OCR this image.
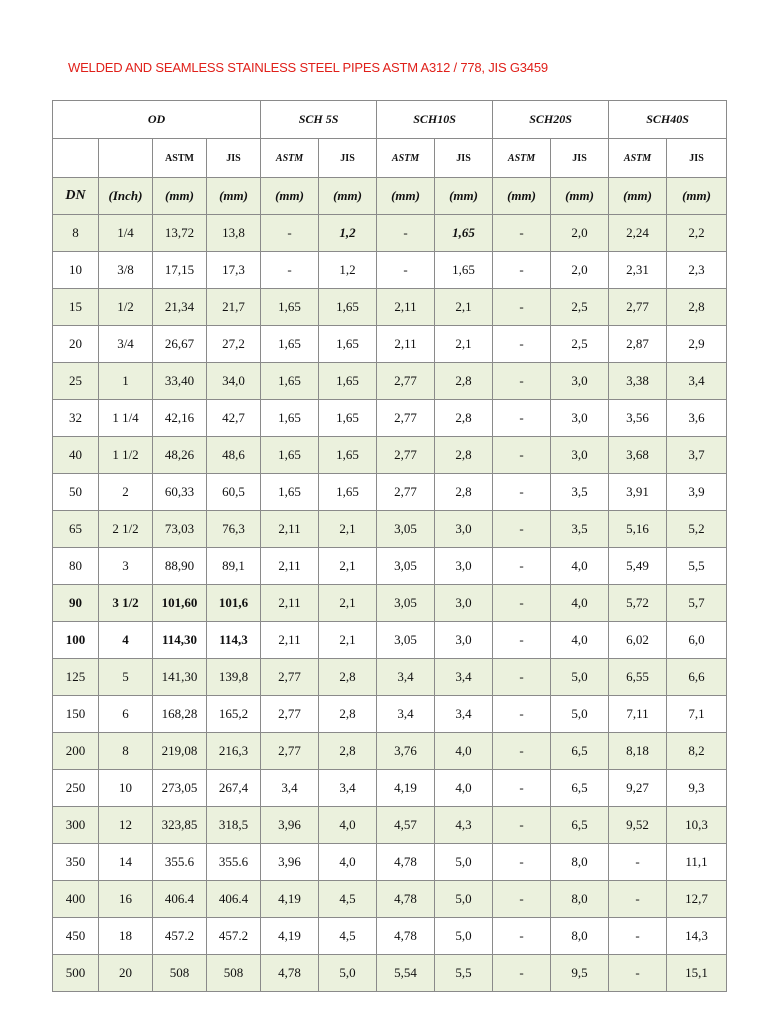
WELDED AND SEAMLESS STAINLESS STEEL PIPES ASTM A312 / 778, JIS G3459
OD				SCH 5S		SCH10S		SCH20S		SCH40S	
		ASTM	JIS	ASTM	JIS	ASTM	JIS	ASTM	JIS	ASTM	JIS
DN	(Inch)	(mm)	(mm)	(mm)	(mm)	(mm)	(mm)	(mm)	(mm)	(mm)	(mm)
8	1/4	13,72	13,8	-	1,2	-	1,65	-	2,0	2,24	2,2
10	3/8	17,15	17,3	-	1,2	-	1,65	-	2,0	2,31	2,3
15	1/2	21,34	21,7	1,65	1,65	2,11	2,1	-	2,5	2,77	2,8
20	3/4	26,67	27,2	1,65	1,65	2,11	2,1	-	2,5	2,87	2,9
25	1	33,40	34,0	1,65	1,65	2,77	2,8	-	3,0	3,38	3,4
32	1 1/4	42,16	42,7	1,65	1,65	2,77	2,8	-	3,0	3,56	3,6
40	1 1/2	48,26	48,6	1,65	1,65	2,77	2,8	-	3,0	3,68	3,7
50	2	60,33	60,5	1,65	1,65	2,77	2,8	-	3,5	3,91	3,9
65	2 1/2	73,03	76,3	2,11	2,1	3,05	3,0	-	3,5	5,16	5,2
80	3	88,90	89,1	2,11	2,1	3,05	3,0	-	4,0	5,49	5,5
90	3 1/2	101,60	101,6	2,11	2,1	3,05	3,0	-	4,0	5,72	5,7
100	4	114,30	114,3	2,11	2,1	3,05	3,0	-	4,0	6,02	6,0
125	5	141,30	139,8	2,77	2,8	3,4	3,4	-	5,0	6,55	6,6
150	6	168,28	165,2	2,77	2,8	3,4	3,4	-	5,0	7,11	7,1
200	8	219,08	216,3	2,77	2,8	3,76	4,0	-	6,5	8,18	8,2
250	10	273,05	267,4	3,4	3,4	4,19	4,0	-	6,5	9,27	9,3
300	12	323,85	318,5	3,96	4,0	4,57	4,3	-	6,5	9,52	10,3
350	14	355.6	355.6	3,96	4,0	4,78	5,0	-	8,0	-	11,1
400	16	406.4	406.4	4,19	4,5	4,78	5,0	-	8,0	-	12,7
450	18	457.2	457.2	4,19	4,5	4,78	5,0	-	8,0	-	14,3
500	20	508	508	4,78	5,0	5,54	5,5	-	9,5	-	15,1
